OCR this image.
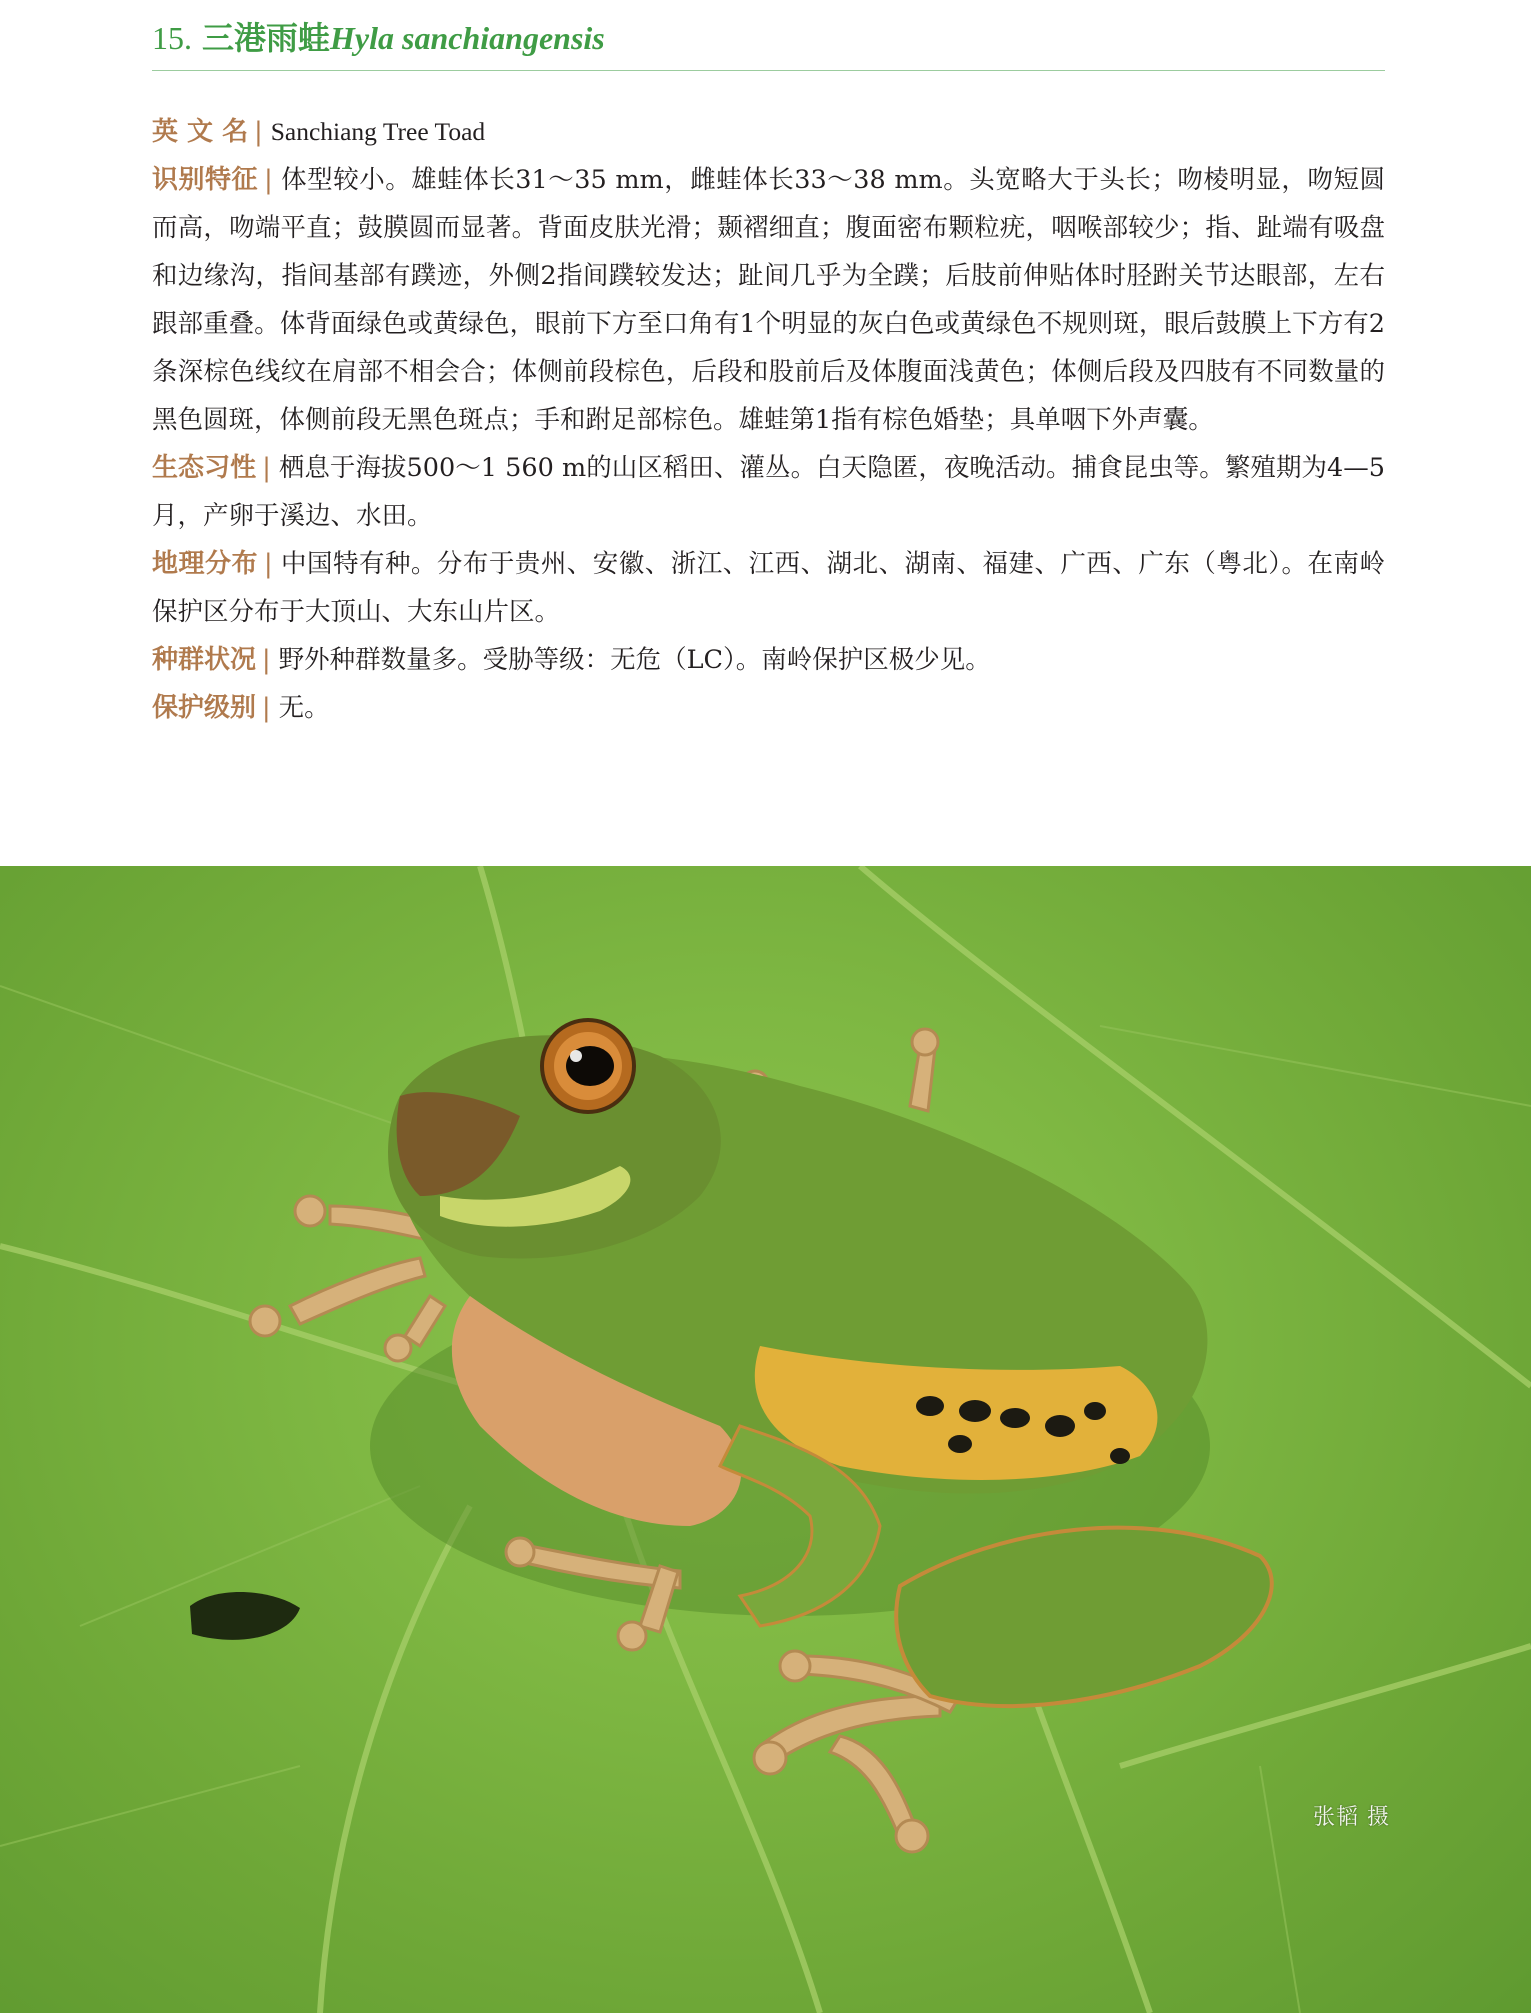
15. 三港雨蛙Hyla sanchiangensis

英 文 名 | Sanchiang Tree Toad

识别特征 | 体型较小。雄蛙体长31～35 mm，雌蛙体长33～38 mm。头宽略大于头长；吻棱明显，吻短圆而高，吻端平直；鼓膜圆而显著。背面皮肤光滑；颞褶细直；腹面密布颗粒疣，咽喉部较少；指、趾端有吸盘和边缘沟，指间基部有蹼迹，外侧2指间蹼较发达；趾间几乎为全蹼；后肢前伸贴体时胫跗关节达眼部，左右跟部重叠。体背面绿色或黄绿色，眼前下方至口角有1个明显的灰白色或黄绿色不规则斑，眼后鼓膜上下方有2条深棕色线纹在肩部不相会合；体侧前段棕色，后段和股前后及体腹面浅黄色；体侧后段及四肢有不同数量的黑色圆斑，体侧前段无黑色斑点；手和跗足部棕色。雄蛙第1指有棕色婚垫；具单咽下外声囊。

生态习性 | 栖息于海拔500～1 560 m的山区稻田、灌丛。白天隐匿，夜晚活动。捕食昆虫等。繁殖期为4—5月，产卵于溪边、水田。

地理分布 | 中国特有种。分布于贵州、安徽、浙江、江西、湖北、湖南、福建、广西、广东（粤北）。在南岭保护区分布于大顶山、大东山片区。

种群状况 | 野外种群数量多。受胁等级：无危（LC）。南岭保护区极少见。

保护级别 | 无。

张韬 摄
